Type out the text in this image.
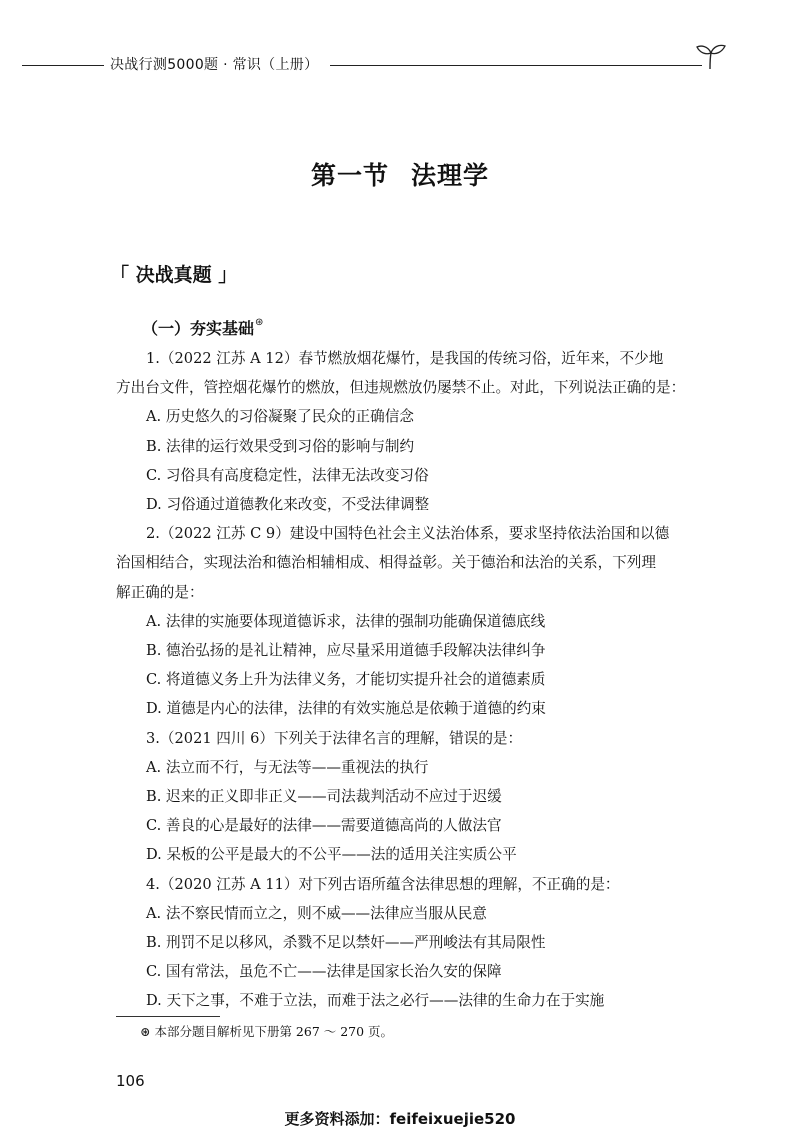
决战行测5000题 · 常识（上册）
第一节 法理学
「 决战真题 」
（一）夯实基础⊛
1.（2022 江苏 A 12）春节燃放烟花爆竹，是我国的传统习俗，近年来，不少地
方出台文件，管控烟花爆竹的燃放，但违规燃放仍屡禁不止。对此，下列说法正确的是：
A. 历史悠久的习俗凝聚了民众的正确信念
B. 法律的运行效果受到习俗的影响与制约
C. 习俗具有高度稳定性，法律无法改变习俗
D. 习俗通过道德教化来改变，不受法律调整
2.（2022 江苏 C 9）建设中国特色社会主义法治体系，要求坚持依法治国和以德
治国相结合，实现法治和德治相辅相成、相得益彰。关于德治和法治的关系，下列理
解正确的是：
A. 法律的实施要体现道德诉求，法律的强制功能确保道德底线
B. 德治弘扬的是礼让精神，应尽量采用道德手段解决法律纠争
C. 将道德义务上升为法律义务，才能切实提升社会的道德素质
D. 道德是内心的法律，法律的有效实施总是依赖于道德的约束
3.（2021 四川 6）下列关于法律名言的理解，错误的是：
A. 法立而不行，与无法等——重视法的执行
B. 迟来的正义即非正义——司法裁判活动不应过于迟缓
C. 善良的心是最好的法律——需要道德高尚的人做法官
D. 呆板的公平是最大的不公平——法的适用关注实质公平
4.（2020 江苏 A 11）对下列古语所蕴含法律思想的理解，不正确的是：
A. 法不察民情而立之，则不威——法律应当服从民意
B. 刑罚不足以移风，杀戮不足以禁奸——严刑峻法有其局限性
C. 国有常法，虽危不亡——法律是国家长治久安的保障
D. 天下之事，不难于立法，而难于法之必行——法律的生命力在于实施
⊛ 本部分题目解析见下册第 267 ～ 270 页。
106
更多资料添加：feifeixuejie520
